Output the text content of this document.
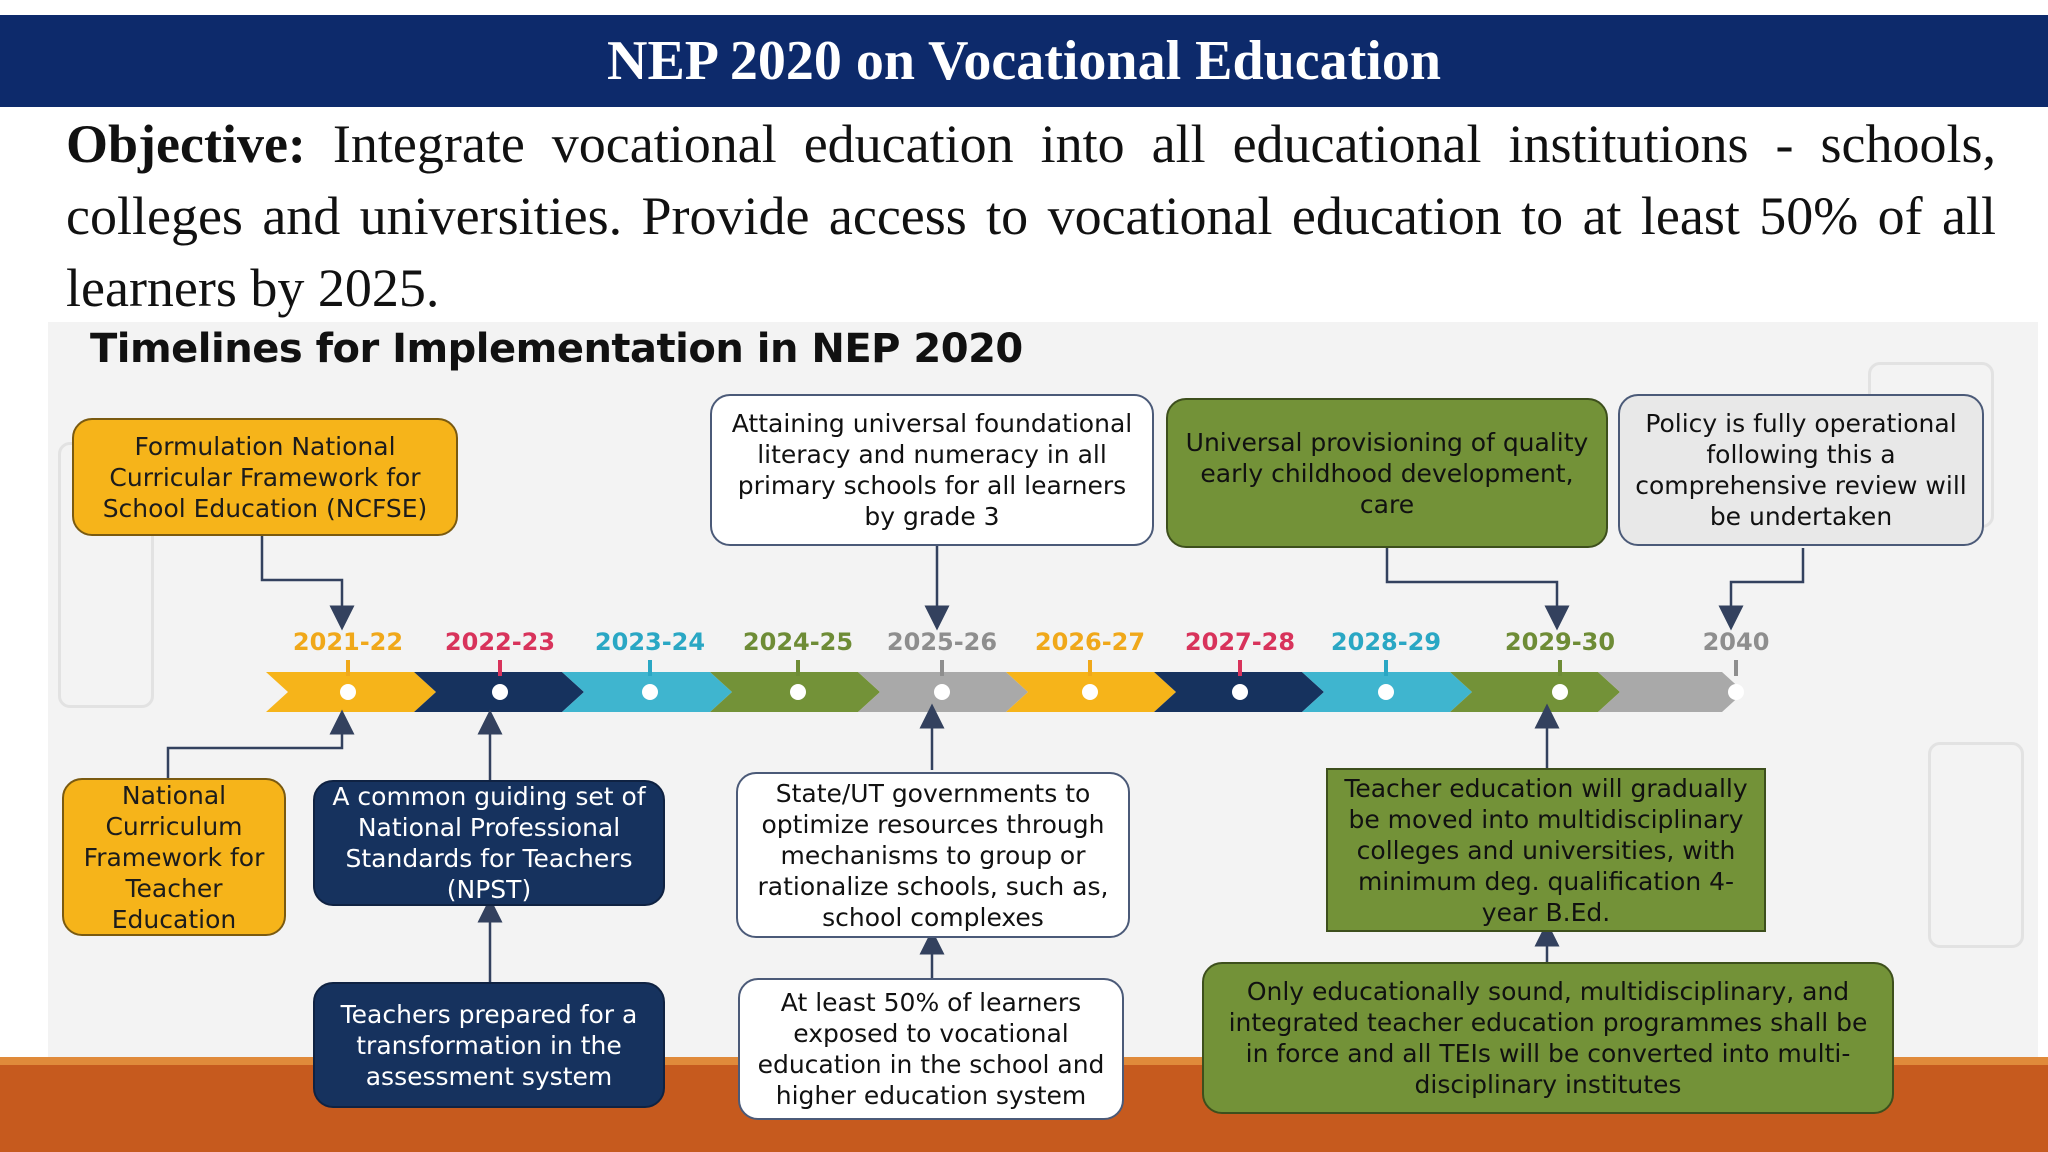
NEP 2020 on Vocational Education
Objective: Integrate vocational education into all educational institutions - schools, colleges and universities. Provide access to vocational education to at least 50% of all learners by 2025.
Timelines for Implementation in NEP 2020
2021-22 2022-23 2023-24 2024-25 2025-26 2026-27 2027-28 2028-29	2029-30	2040
Formulation National Curricular Framework for School Education (NCFSE)
Attaining universal foundational literacy and numeracy in all primary schools for all learners by grade 3
Universal provisioning of quality early childhood development, care
Policy is fully operational following this a comprehensive review will be undertaken
National Curriculum Framework for Teacher Education
A common guiding set of National Professional Standards for Teachers (NPST)
Teachers prepared for a transformation in the assessment system
State/UT governments to optimize resources through mechanisms to group or rationalize schools, such as, school complexes
At least 50% of learners exposed to vocational education in the school and higher education system
Teacher education will gradually be moved into multidisciplinary colleges and universities, with minimum deg. qualification 4-year B.Ed.
Only educationally sound, multidisciplinary, and integrated teacher education programmes shall be in force and all TEIs will be converted into multi-disciplinary institutes
